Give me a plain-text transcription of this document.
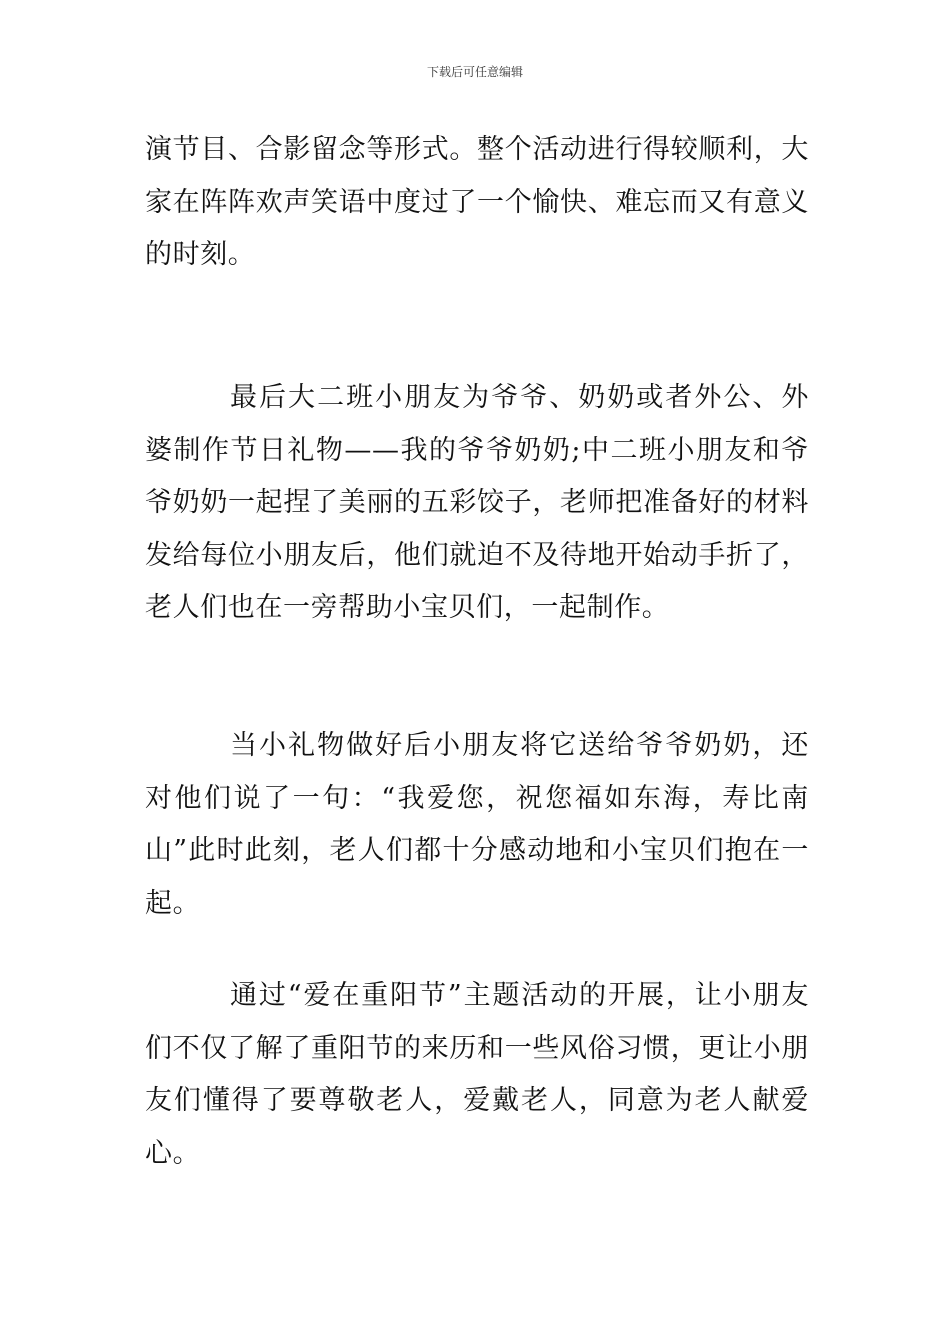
下载后可任意编辑

演节目、合影留念等形式。整个活动进行得较顺利，大家在阵阵欢声笑语中度过了一个愉快、难忘而又有意义的时刻。

最后大二班小朋友为爷爷、奶奶或者外公、外婆制作节日礼物——我的爷爷奶奶;中二班小朋友和爷爷奶奶一起捏了美丽的五彩饺子，老师把准备好的材料发给每位小朋友后，他们就迫不及待地开始动手折了，老人们也在一旁帮助小宝贝们，一起制作。

当小礼物做好后小朋友将它送给爷爷奶奶，还对他们说了一句：“我爱您，祝您福如东海，寿比南山”此时此刻，老人们都十分感动地和小宝贝们抱在一起。

通过“爱在重阳节”主题活动的开展，让小朋友们不仅了解了重阳节的来历和一些风俗习惯，更让小朋友们懂得了要尊敬老人，爱戴老人，同意为老人献爱心。
